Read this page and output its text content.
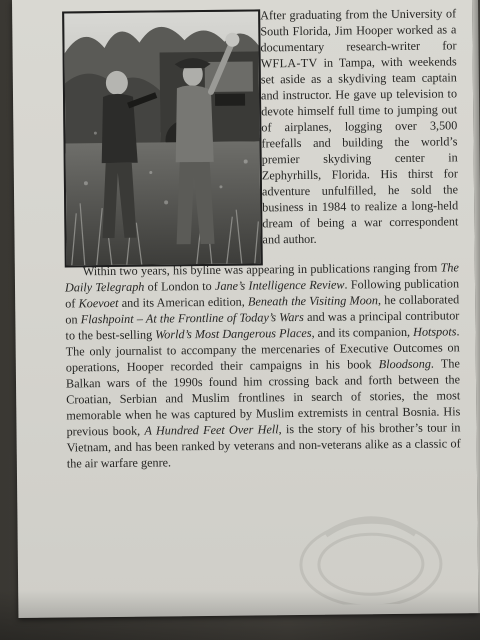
After graduating from the University of South Florida, Jim Hooper worked as a documentary research-writer for WFLA-TV in Tampa, with weekends set aside as a skydiving team captain and instructor. He gave up television to devote himself full time to jumping out of airplanes, logging over 3,500 freefalls and building the world’s premier skydiving center in Zephyrhills, Florida. His thirst for adventure unfulfilled, he sold the business in 1984 to realize a long-held dream of being a war correspondent and author.

Within two years, his byline was appearing in publications ranging from The Daily Telegraph of London to Jane’s Intelligence Review. Following publication of Koevoet and its American edition, Beneath the Visiting Moon, he collaborated on Flashpoint – At the Frontline of Today’s Wars and was a principal contributor to the best-selling World’s Most Dangerous Places, and its companion, Hotspots. The only journalist to accompany the mercenaries of Executive Outcomes on operations, Hooper recorded their campaigns in his book Bloodsong. The Balkan wars of the 1990s found him crossing back and forth between the Croatian, Serbian and Muslim frontlines in search of stories, the most memorable when he was captured by Muslim extremists in central Bosnia. His previous book, A Hundred Feet Over Hell, is the story of his brother’s tour in Vietnam, and has been ranked by veterans and non-veterans alike as a classic of the air warfare genre.
